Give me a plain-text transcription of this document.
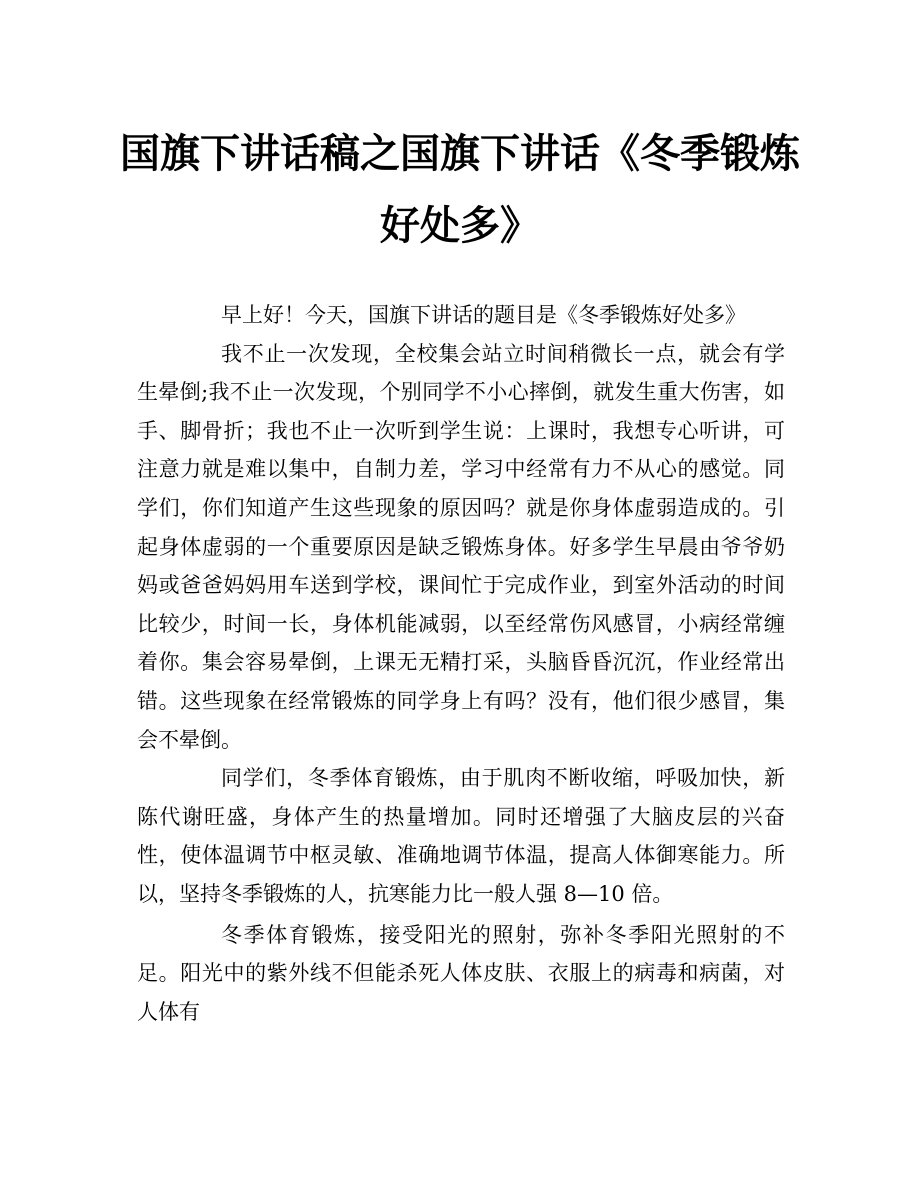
国旗下讲话稿之国旗下讲话《冬季锻炼好处多》

早上好！今天，国旗下讲话的题目是《冬季锻炼好处多》

我不止一次发现，全校集会站立时间稍微长一点，就会有学生晕倒;我不止一次发现，个别同学不小心摔倒，就发生重大伤害，如手、脚骨折；我也不止一次听到学生说：上课时，我想专心听讲，可注意力就是难以集中，自制力差，学习中经常有力不从心的感觉。同学们，你们知道产生这些现象的原因吗？就是你身体虚弱造成的。引起身体虚弱的一个重要原因是缺乏锻炼身体。好多学生早晨由爷爷奶妈或爸爸妈妈用车送到学校，课间忙于完成作业，到室外活动的时间比较少，时间一长，身体机能减弱，以至经常伤风感冒，小病经常缠着你。集会容易晕倒，上课无无精打采，头脑昏昏沉沉，作业经常出错。这些现象在经常锻炼的同学身上有吗？没有，他们很少感冒，集会不晕倒。

同学们，冬季体育锻炼，由于肌肉不断收缩，呼吸加快，新陈代谢旺盛，身体产生的热量增加。同时还增强了大脑皮层的兴奋性，使体温调节中枢灵敏、准确地调节体温，提高人体御寒能力。所以，坚持冬季锻炼的人，抗寒能力比一般人强 8—10 倍。

冬季体育锻炼，接受阳光的照射，弥补冬季阳光照射的不足。阳光中的紫外线不但能杀死人体皮肤、衣服上的病毒和病菌，对人体有
